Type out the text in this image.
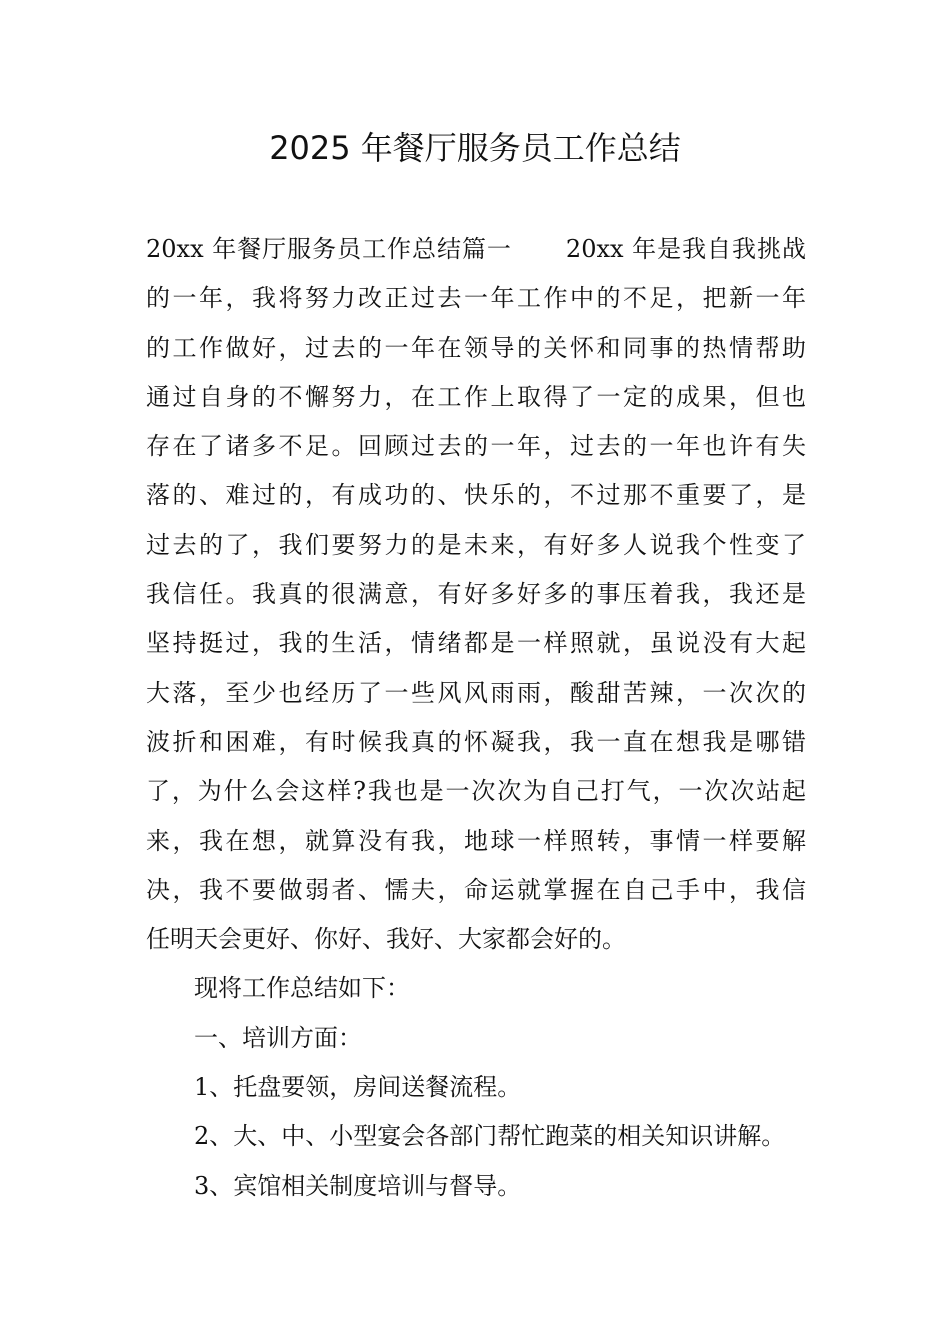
2025 年餐厅服务员工作总结
20xx 年餐厅服务员工作总结篇一 20xx 年是我自我挑战
的一年，我将努力改正过去一年工作中的不足，把新一年
的工作做好，过去的一年在领导的关怀和同事的热情帮助
通过自身的不懈努力，在工作上取得了一定的成果，但也
存在了诸多不足。回顾过去的一年，过去的一年也许有失
落的、难过的，有成功的、快乐的，不过那不重要了，是
过去的了，我们要努力的是未来，有好多人说我个性变了
我信任。我真的很满意，有好多好多的事压着我，我还是
坚持挺过，我的生活，情绪都是一样照就，虽说没有大起
大落，至少也经历了一些风风雨雨，酸甜苦辣，一次次的
波折和困难，有时候我真的怀凝我，我一直在想我是哪错
了，为什么会这样?我也是一次次为自己打气，一次次站起
来，我在想，就算没有我，地球一样照转，事情一样要解
决，我不要做弱者、懦夫，命运就掌握在自己手中，我信
任明天会更好、你好、我好、大家都会好的。
现将工作总结如下：
一、培训方面：
1、托盘要领，房间送餐流程。
2、大、中、小型宴会各部门帮忙跑菜的相关知识讲解。
3、宾馆相关制度培训与督导。
